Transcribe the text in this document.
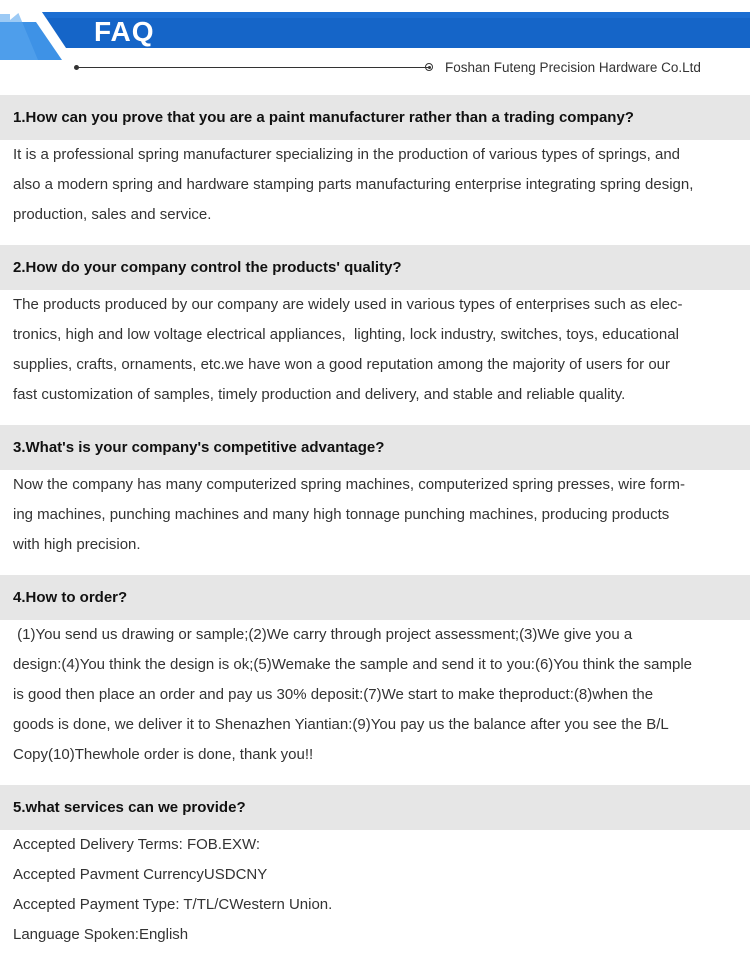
FAQ
Foshan Futeng Precision Hardware Co.Ltd
1.How can you prove that you are a paint manufacturer rather than a trading company?
It is a professional spring manufacturer specializing in the production of various types of springs, and
also a modern spring and hardware stamping parts manufacturing enterprise integrating spring design,
production, sales and service.
2.How do your company control the products' quality?
The products produced by our company are widely used in various types of enterprises such as elec-
tronics, high and low voltage electrical appliances,  lighting, lock industry, switches, toys, educational
supplies, crafts, ornaments, etc.we have won a good reputation among the majority of users for our
fast customization of samples, timely production and delivery, and stable and reliable quality.
3.What's is your company's competitive advantage?
Now the company has many computerized spring machines, computerized spring presses, wire form-
ing machines, punching machines and many high tonnage punching machines, producing products
with high precision.
4.How to order?
(1)You send us drawing or sample;(2)We carry through project assessment;(3)We give you a
design:(4)You think the design is ok;(5)Wemake the sample and send it to you:(6)You think the sample
is good then place an order and pay us 30% deposit:(7)We start to make theproduct:(8)when the
goods is done, we deliver it to Shenazhen Yiantian:(9)You pay us the balance after you see the B/L
Copy(10)Thewhole order is done, thank you!!
5.what services can we provide?
Accepted Delivery Terms: FOB.EXW:
Accepted Pavment CurrencyUSDCNY
Accepted Payment Type: T/TL/CWestern Union.
Language Spoken:English
